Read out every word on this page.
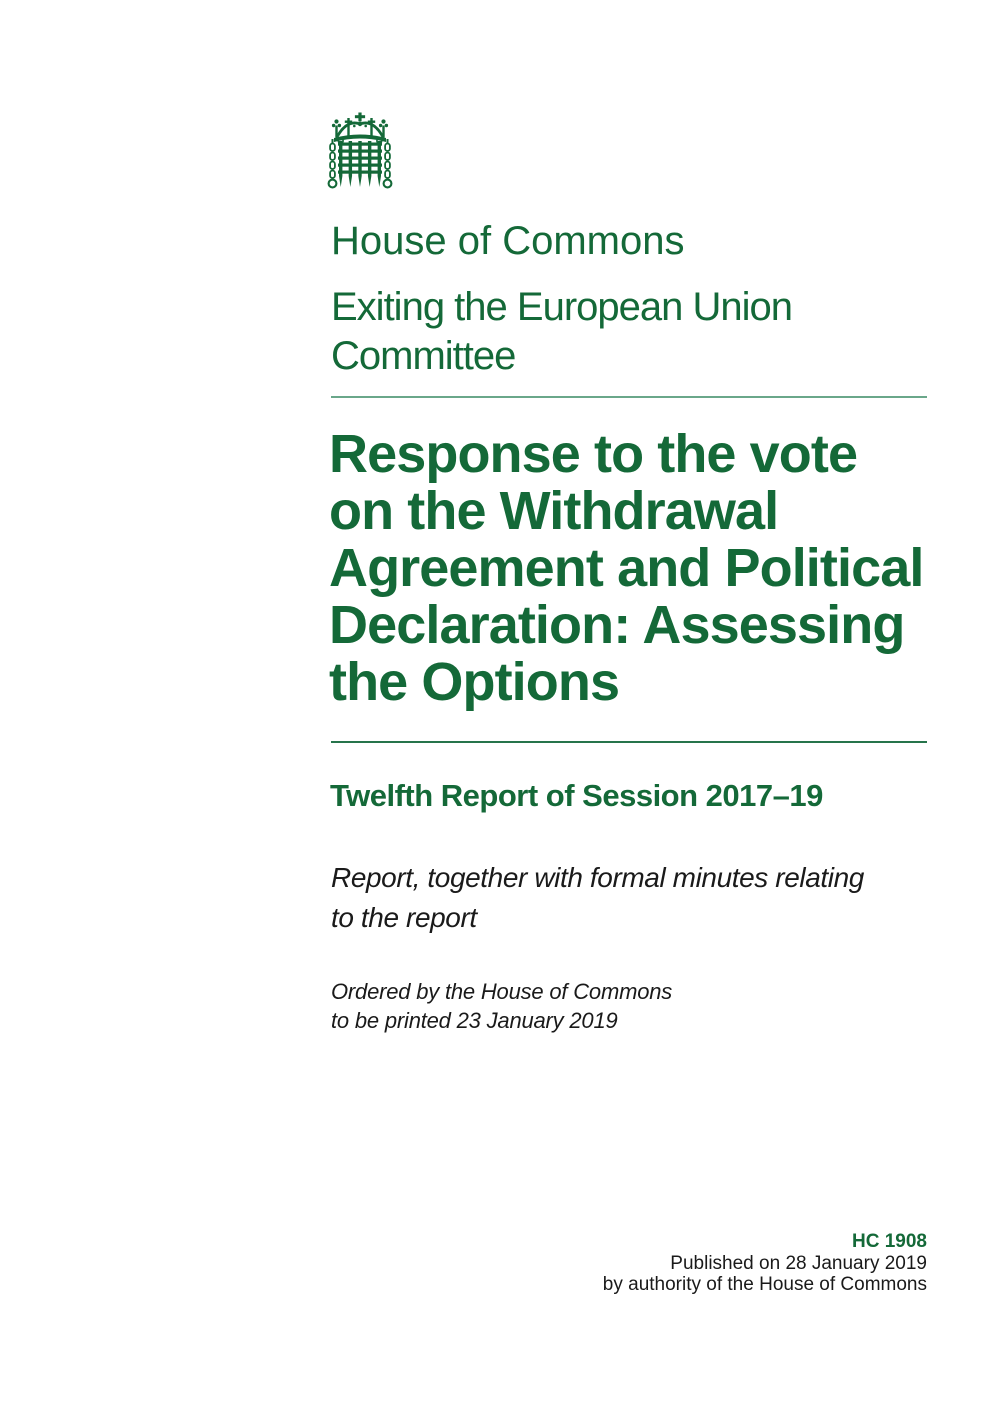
House of Commons
Exiting the European Union
Committee
Response to the vote
on the Withdrawal
Agreement and Political
Declaration: Assessing
the Options
Twelfth Report of Session 2017–19
Report, together with formal minutes relating
to the report
Ordered by the House of Commons
to be printed 23 January 2019
HC 1908
Published on 28 January 2019
by authority of the House of Commons
